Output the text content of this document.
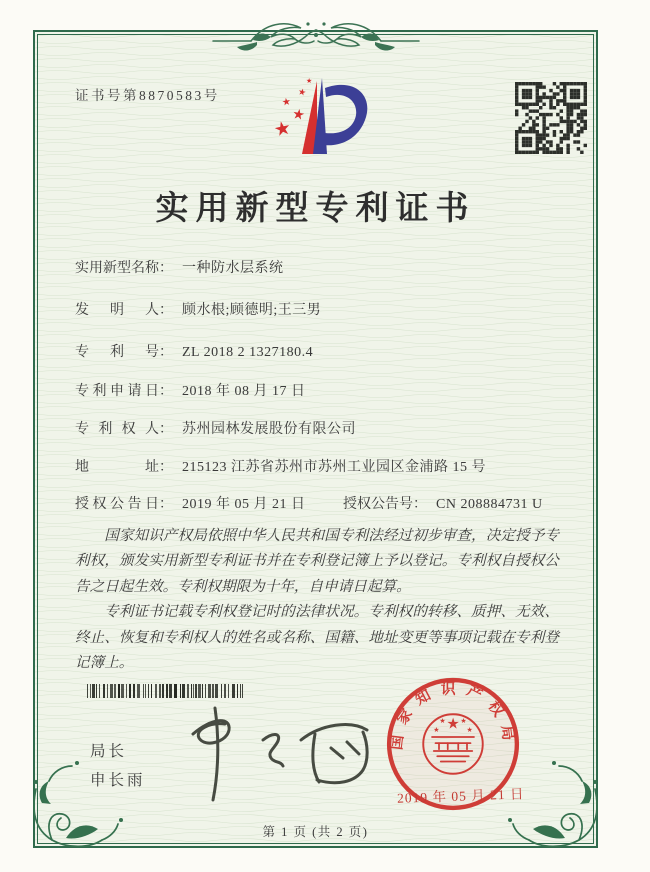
证书号第8870583号
★
★
★
★
★
实用新型专利证书
实用新型名称： 一种防水层系统
发明人： 顾水根;顾德明;王三男
专利号： ZL 2018 2 1327180.4
专利申请日： 2018 年 08 月 17 日
专利权人： 苏州园林发展股份有限公司
地址： 215123 江苏省苏州市苏州工业园区金浦路 15 号
授权公告日： 2019 年 05 月 21 日	授权公告号： CN 208884731 U

国家知识产权局依照中华人民共和国专利法经过初步审查，决定授予专利权，颁发实用新型专利证书并在专利登记簿上予以登记。专利权自授权公告之日起生效。专利权期限为十年，自申请日起算。

专利证书记载专利权登记时的法律状况。专利权的转移、质押、无效、终止、恢复和专利权人的姓名或名称、国籍、地址变更等事项记载在专利登记簿上。

局长
申长雨
国家知识产权局
★
★
★ ★
★
2019 年 05 月 21 日
第 1 页 (共 2 页)
